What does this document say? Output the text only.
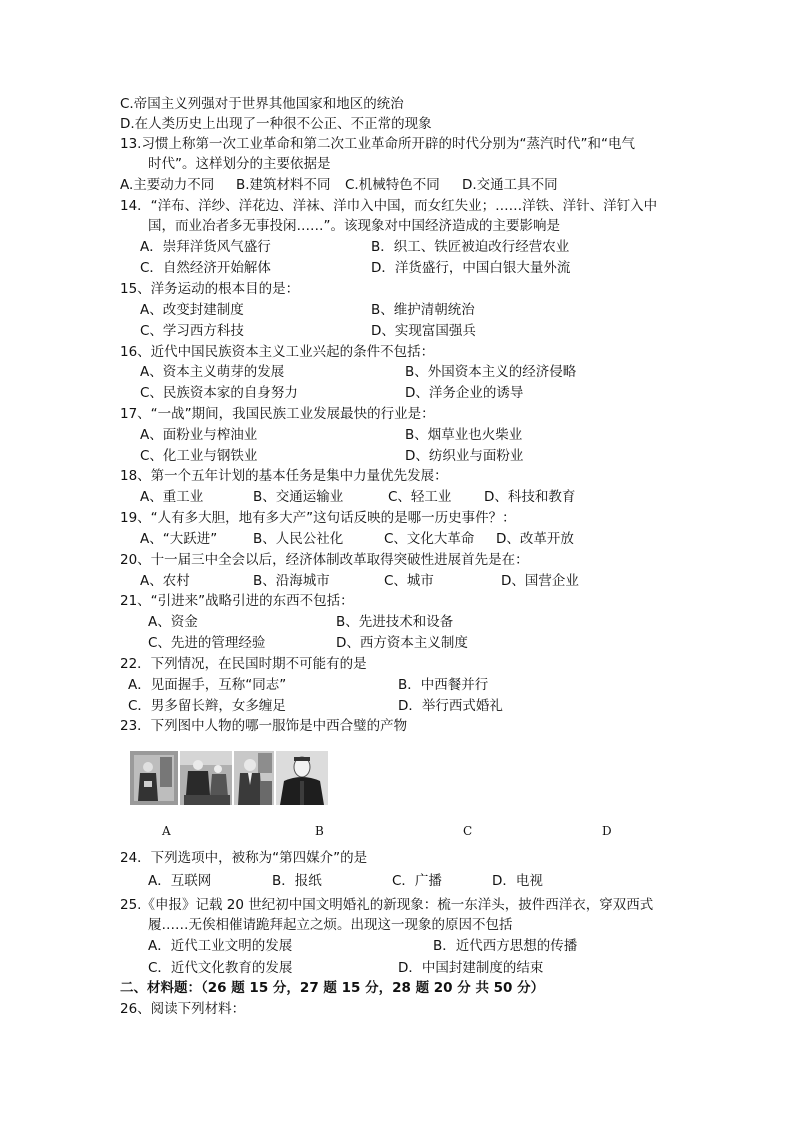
C.帝国主义列强对于世界其他国家和地区的统治
D.在人类历史上出现了一种很不公正、不正常的现象
13.习惯上称第一次工业革命和第二次工业革命所开辟的时代分别为“蒸汽时代”和“电气
时代”。这样划分的主要依据是
A.主要动力不同 B.建筑材料不同 C.机械特色不同 D.交通工具不同
14．“洋布、洋纱、洋花边、洋袜、洋巾入中国，而女红失业；……洋铁、洋针、洋钉入中
国，而业冶者多无事投闲……”。该现象对中国经济造成的主要影响是
A．崇拜洋货风气盛行	B．织工、铁匠被迫改行经营农业
C．自然经济开始解体	D．洋货盛行，中国白银大量外流
15、洋务运动的根本目的是：
A、改变封建制度	B、维护清朝统治
C、学习西方科技	D、实现富国强兵
16、近代中国民族资本主义工业兴起的条件不包括：
A、资本主义萌芽的发展	B、外国资本主义的经济侵略
C、民族资本家的自身努力	D、洋务企业的诱导
17、“一战”期间，我国民族工业发展最快的行业是：
A、面粉业与榨油业	B、烟草业也火柴业
C、化工业与钢铁业	D、纺织业与面粉业
18、第一个五年计划的基本任务是集中力量优先发展：
A、重工业	B、交通运输业	C、轻工业 D、科技和教育
19、“人有多大胆，地有多大产”这句话反映的是哪一历史事件？：
A、“大跃进”	B、人民公社化	C、文化大革命 D、改革开放
20、十一届三中全会以后，经济体制改革取得突破性进展首先是在：
A、农村	B、沿海城市	C、城市	D、国营企业
21、“引进来”战略引进的东西不包括：
A、资金	B、先进技术和设备
C、先进的管理经验	D、西方资本主义制度
22．下列情况，在民国时期不可能有的是
A．见面握手，互称“同志”	B．中西餐并行
C．男多留长辫，女多缠足	D．举行西式婚礼
23．下列图中人物的哪一服饰是中西合璧的产物
A	B	C	D
24．下列选项中，被称为“第四媒介”的是
A．互联网	B．报纸	C．广播	D．电视
25.《申报》记载 20 世纪初中国文明婚礼的新现象：梳一东洋头，披件西洋衣，穿双西式
履……无俟相催请跪拜起立之烦。出现这一现象的原因不包括
A．近代工业文明的发展	B．近代西方思想的传播
C．近代文化教育的发展	D．中国封建制度的结束
二、材料题：（26 题 15 分，27 题 15 分，28 题 20 分 共 50 分）
26、阅读下列材料：
